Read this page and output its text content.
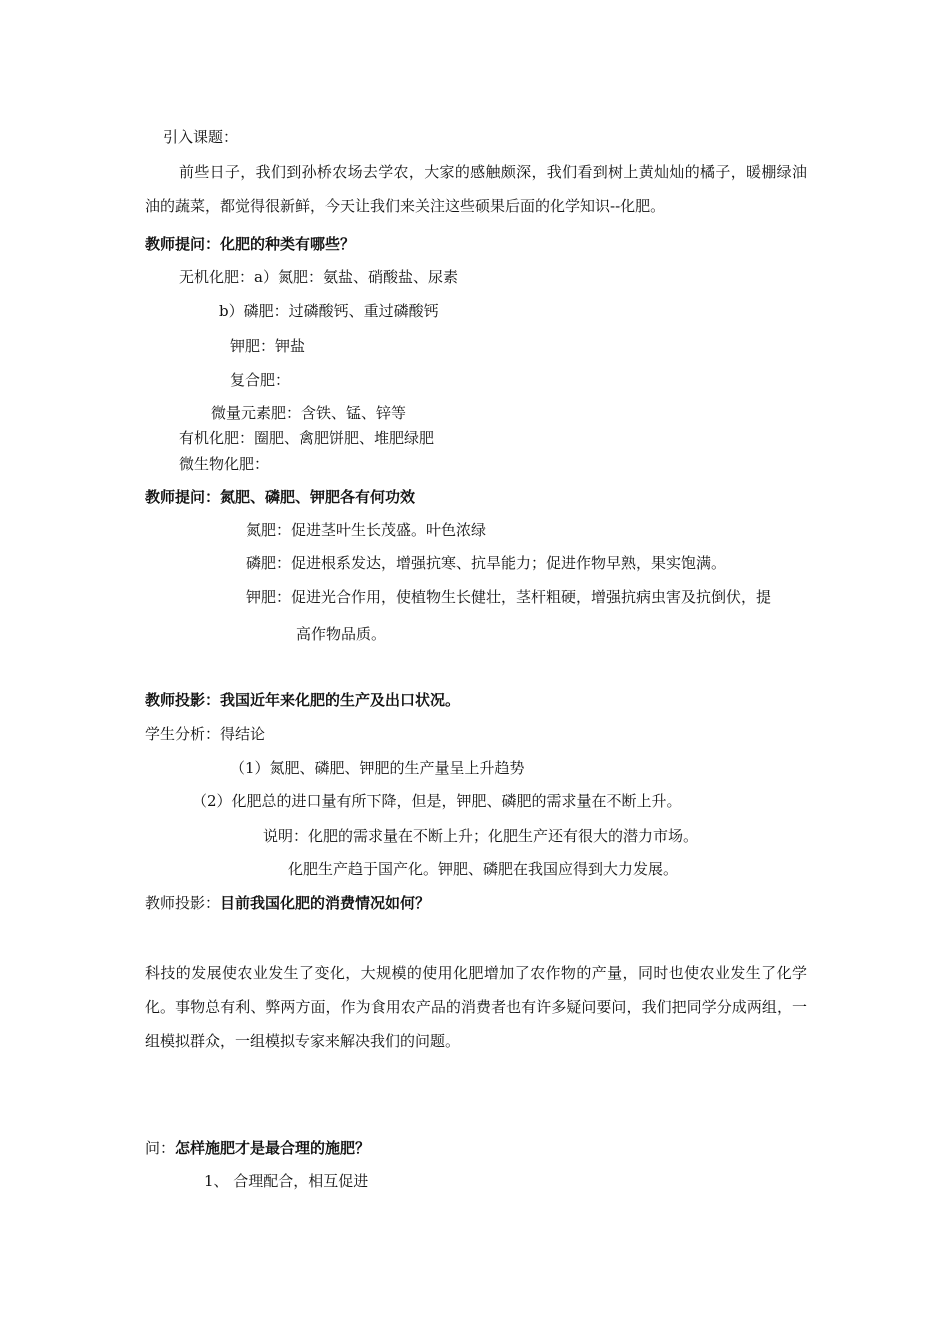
引入课题：
前些日子，我们到孙桥农场去学农，大家的感触颇深，我们看到树上黄灿灿的橘子，暖棚绿油油的蔬菜，都觉得很新鲜，今天让我们来关注这些硕果后面的化学知识--化肥。
教师提问：化肥的种类有哪些？
无机化肥：a）氮肥：氨盐、硝酸盐、尿素
b）磷肥：过磷酸钙、重过磷酸钙
钾肥：钾盐
复合肥：
微量元素肥：含铁、锰、锌等
有机化肥：圈肥、禽肥饼肥、堆肥绿肥
微生物化肥：
教师提问：氮肥、磷肥、钾肥各有何功效
氮肥：促进茎叶生长茂盛。叶色浓绿
磷肥：促进根系发达，增强抗寒、抗旱能力；促进作物早熟，果实饱满。
钾肥：促进光合作用，使植物生长健壮，茎杆粗硬，增强抗病虫害及抗倒伏，提
高作物品质。
教师投影：我国近年来化肥的生产及出口状况。
学生分析：得结论
（1）氮肥、磷肥、钾肥的生产量呈上升趋势
（2）化肥总的进口量有所下降，但是，钾肥、磷肥的需求量在不断上升。
说明：化肥的需求量在不断上升；化肥生产还有很大的潜力市场。
化肥生产趋于国产化。钾肥、磷肥在我国应得到大力发展。
教师投影：目前我国化肥的消费情况如何？
科技的发展使农业发生了变化，大规模的使用化肥增加了农作物的产量，同时也使农业发生了化学化。事物总有利、弊两方面，作为食用农产品的消费者也有许多疑问要问，我们把同学分成两组，一组模拟群众，一组模拟专家来解决我们的问题。
问：怎样施肥才是最合理的施肥？
1、 合理配合，相互促进
